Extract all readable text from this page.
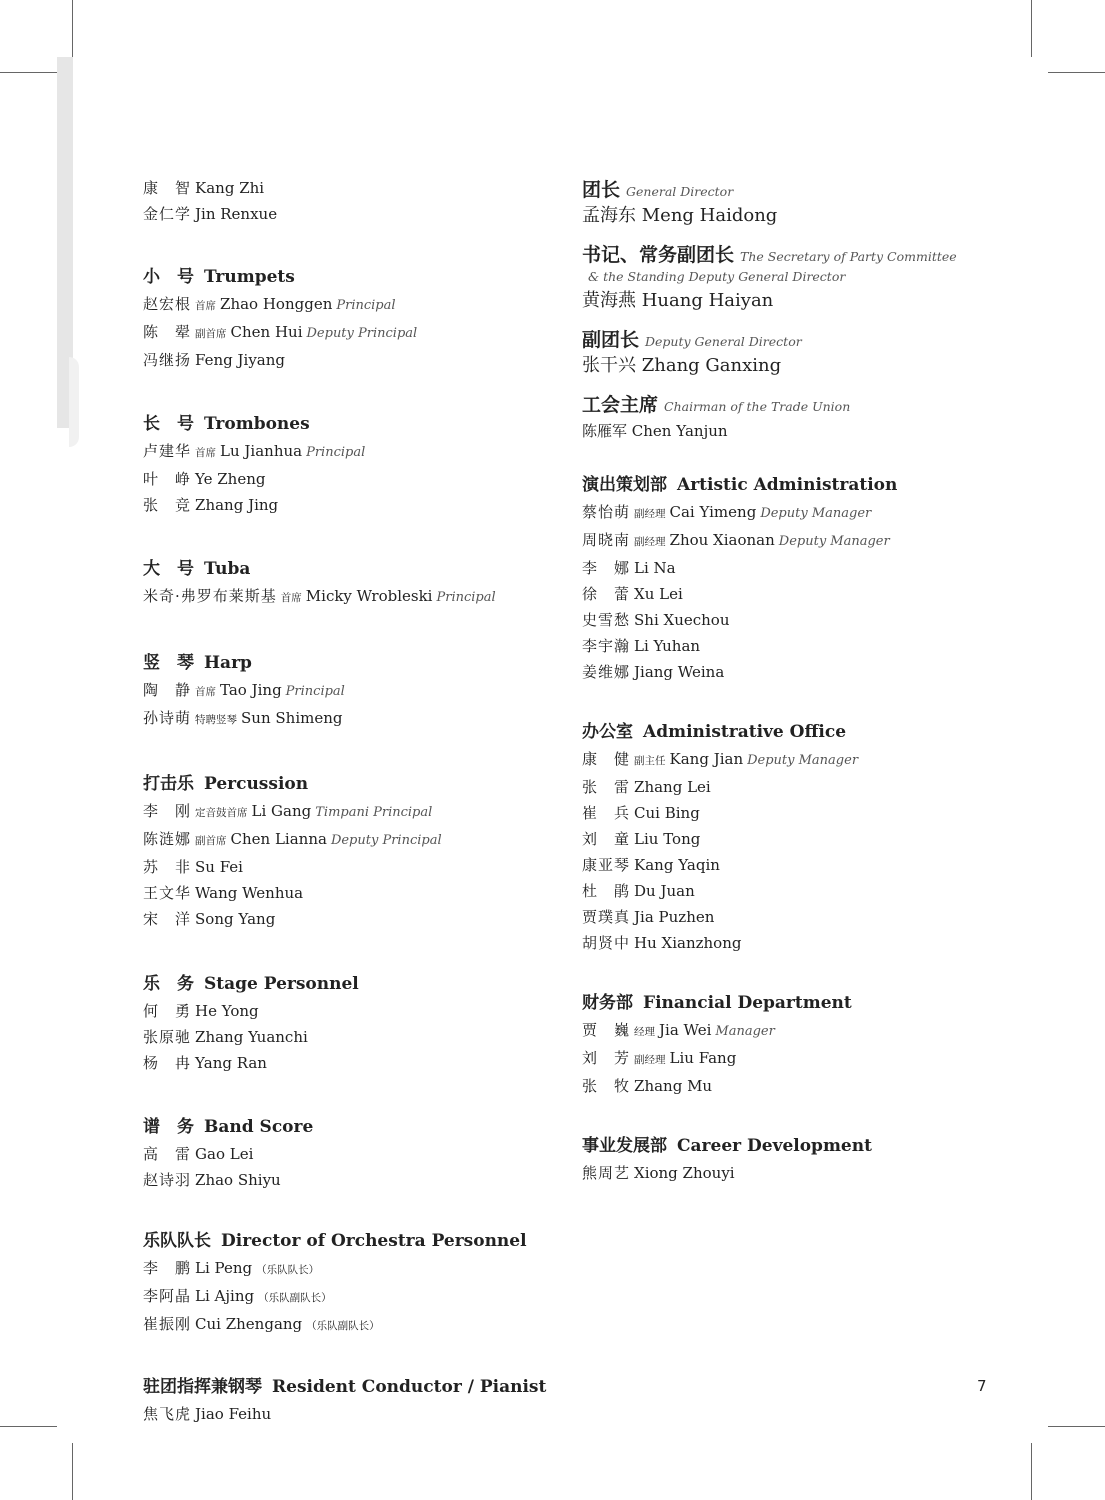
康　智 Kang Zhi
金仁学 Jin Renxue
小　号 Trumpets
赵宏根 首席 Zhao Honggen Principal
陈　翚 副首席 Chen Hui Deputy Principal
冯继扬 Feng Jiyang
长　号 Trombones
卢建华 首席 Lu Jianhua Principal
叶　峥 Ye Zheng
张　竞 Zhang Jing
大　号 Tuba
米奇·弗罗布莱斯基 首席 Micky Wrobleski Principal
竖　琴 Harp
陶　静 首席 Tao Jing Principal
孙诗萌 特聘竖琴 Sun Shimeng
打击乐 Percussion
李　刚 定音鼓首席 Li Gang Timpani Principal
陈涟娜 副首席 Chen Lianna Deputy Principal
苏　非 Su Fei
王文华 Wang Wenhua
宋　洋 Song Yang
乐　务 Stage Personnel
何　勇 He Yong
张原驰 Zhang Yuanchi
杨　冉 Yang Ran
谱　务 Band Score
高　雷 Gao Lei
赵诗羽 Zhao Shiyu
乐队队长 Director of Orchestra Personnel
李　鹏 Li Peng （乐队队长）
李阿晶 Li Ajing （乐队副队长）
崔振刚 Cui Zhengang （乐队副队长）
驻团指挥兼钢琴 Resident Conductor / Pianist
焦飞虎 Jiao Feihu
团长 General Director
孟海东 Meng Haidong
书记、常务副团长 The Secretary of Party Committee
& the Standing Deputy General Director
黄海燕 Huang Haiyan
副团长 Deputy General Director
张干兴 Zhang Ganxing
工会主席 Chairman of the Trade Union
陈雁军 Chen Yanjun
演出策划部 Artistic Administration
蔡怡萌 副经理 Cai Yimeng Deputy Manager
周晓南 副经理 Zhou Xiaonan Deputy Manager
李　娜 Li Na
徐　蕾 Xu Lei
史雪愁 Shi Xuechou
李宇瀚 Li Yuhan
姜维娜 Jiang Weina
办公室 Administrative Office
康　健 副主任 Kang Jian Deputy Manager
张　雷 Zhang Lei
崔　兵 Cui Bing
刘　童 Liu Tong
康亚琴 Kang Yaqin
杜　鹃 Du Juan
贾璞真 Jia Puzhen
胡贤中 Hu Xianzhong
财务部 Financial Department
贾　巍 经理 Jia Wei Manager
刘　芳 副经理 Liu Fang
张　牧 Zhang Mu
事业发展部 Career Development
熊周艺 Xiong Zhouyi
7
